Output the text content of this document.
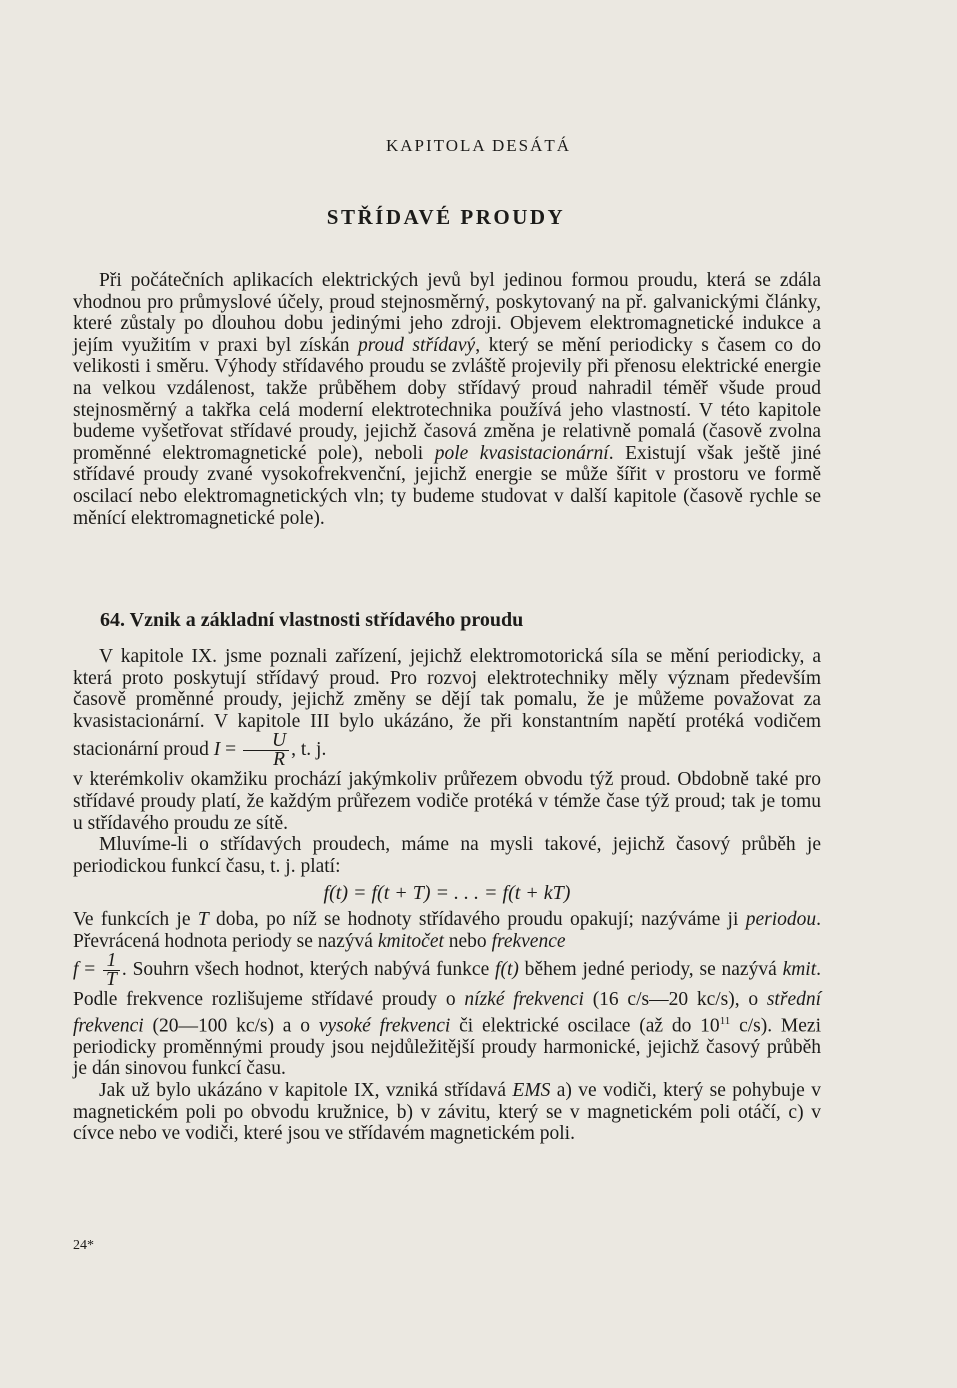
KAPITOLA DESÁTÁ
STŘÍDAVÉ PROUDY

Při počátečních aplikacích elektrických jevů byl jedinou formou proudu, která se zdála vhodnou pro průmyslové účely, proud stejnosměrný, poskytovaný na př. galvanickými články, které zůstaly po dlouhou dobu jedinými jeho zdroji. Objevem elektromagnetické indukce a jejím využitím v praxi byl získán proud střídavý, který se mění periodicky s časem co do velikosti i směru. Výhody střídavého proudu se zvláště projevily při přenosu elektrické energie na velkou vzdálenost, takže průběhem doby střídavý proud nahradil téměř všude proud stejnosměrný a takřka celá moderní elektrotechnika používá jeho vlastností. V této kapitole budeme vyšetřovat střídavé proudy, jejichž časová změna je relativně pomalá (časově zvolna proměnné elektromagnetické pole), neboli pole kvasistacionární. Existují však ještě jiné střídavé proudy zvané vysokofrekvenční, jejichž energie se může šířit v prostoru ve formě oscilací nebo elektromagnetických vln; ty budeme studovat v další kapitole (časově rychle se měnící elektromagnetické pole).

64. Vznik a základní vlastnosti střídavého proudu

V kapitole IX. jsme poznali zařízení, jejichž elektromotorická síla se mění periodicky, a která proto poskytují střídavý proud. Pro rozvoj elektrotechniky měly význam především časově proměnné proudy, jejichž změny se dějí tak pomalu, že je můžeme považovat za kvasistacionární. V kapitole III bylo ukázáno, že při konstantním napětí protéká vodičem stacionární proud $I = \frac{U}{R}$ , t. j.

v kterémkoliv okamžiku prochází jakýmkoliv průřezem obvodu týž proud. Obdobně také pro střídavé proudy platí, že každým průřezem vodiče protéká v témže čase týž proud; tak je tomu u střídavého proudu ze sítě.

Mluvíme-li o střídavých proudech, máme na mysli takové, jejichž časový průběh je periodickou funkcí času, t. j. platí:

f(t) = f(t + T) = . . . = f(t + kT)

Ve funkcích je T doba, po níž se hodnoty střídavého proudu opakují; nazýváme ji periodou. Převrácená hodnota periody se nazývá kmitočet nebo frekvence

$f = \frac{1}{T}$ . Souhrn všech hodnot, kterých nabývá funkce f(t) během jedné periody, se nazývá kmit. Podle frekvence rozlišujeme střídavé proudy o nízké frekvenci (16 c/s—20 kc/s), o střední frekvenci (20—100 kc/s) a o vysoké frekvenci či elektrické oscilace (až do $10^{11}$ c/s). Mezi periodicky proměnnými proudy jsou nejdůležitější proudy harmonické, jejichž časový průběh je dán sinovou funkcí času.

Jak už bylo ukázáno v kapitole IX, vzniká střídavá EMS a) ve vodiči, který se pohybuje v magnetickém poli po obvodu kružnice, b) v závitu, který se v magnetickém poli otáčí, c) v cívce nebo ve vodiči, které jsou ve střídavém magnetickém poli.

24*
